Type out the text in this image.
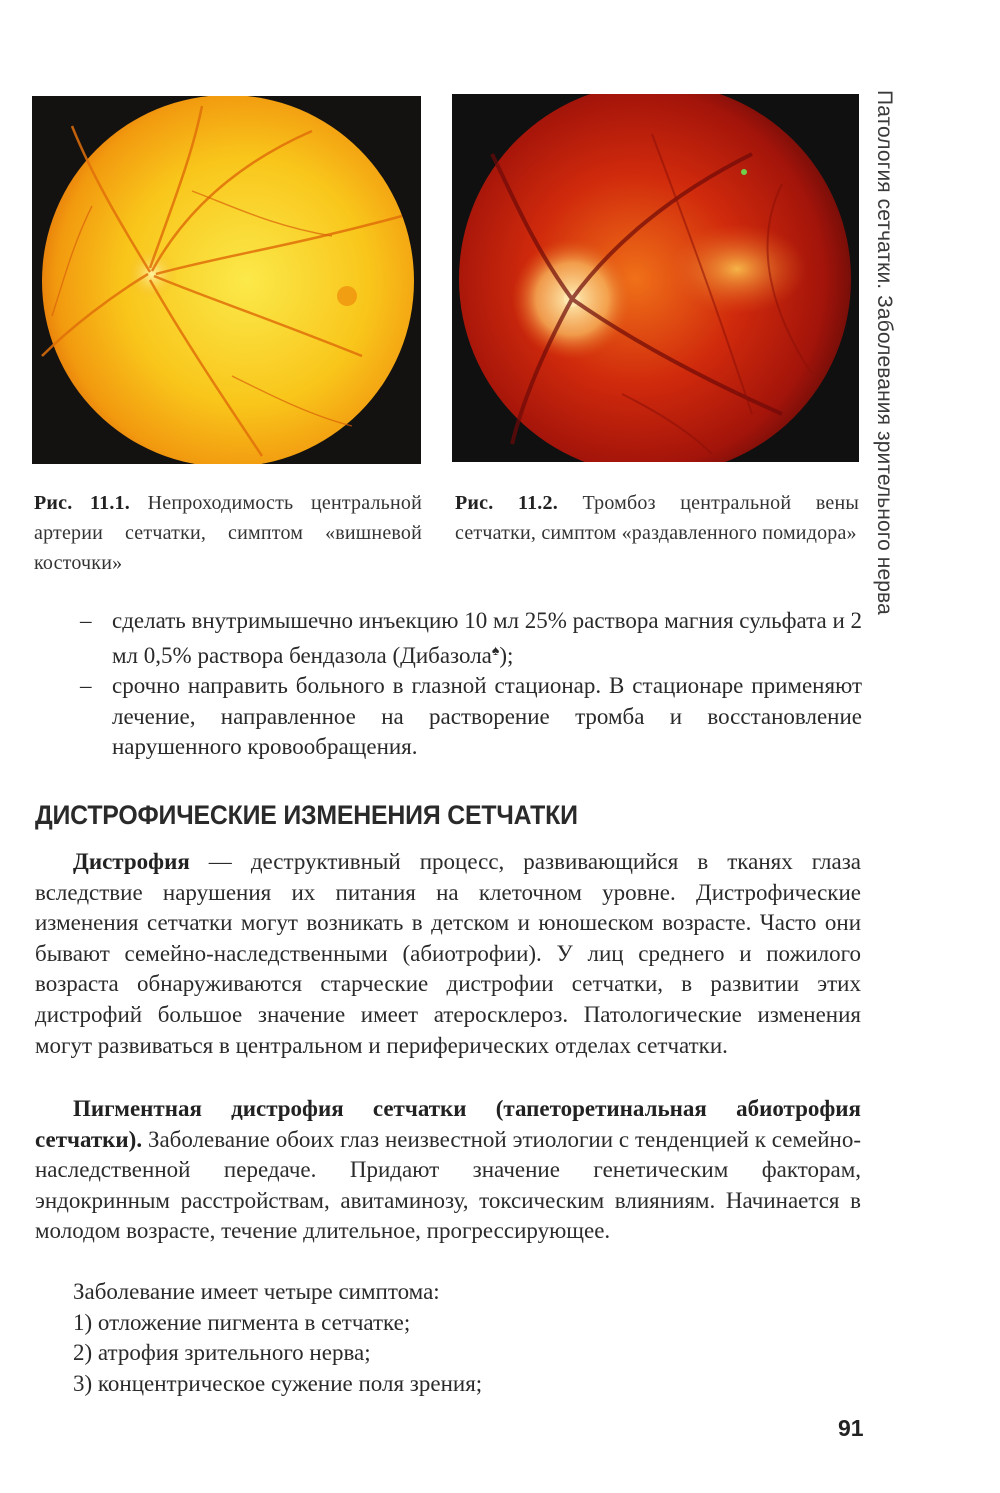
Рис. 11.1. Непроходимость центральной артерии сетчатки, симптом «вишневой косточки»
Рис. 11.2. Тромбоз центральной вены сетчатки, симптом «раздавленного помидора» Патология сетчатки. Заболевания зрительного нерва
– сделать внутримышечно инъекцию 10 мл 25% раствора магния сульфата и 2 мл 0,5% раствора бендазола (Дибазола♠);
– срочно направить больного в глазной стационар. В стационаре применяют лечение, направленное на растворение тромба и восстановление нарушенного кровообращения.
ДИСТРОФИЧЕСКИЕ ИЗМЕНЕНИЯ СЕТЧАТКИ

Дистрофия — деструктивный процесс, развивающийся в тканях глаза вследствие нарушения их питания на клеточном уровне. Дистрофические изменения сетчатки могут возникать в детском и юношеском возрасте. Часто они бывают семейно-наследственными (абиотрофии). У лиц среднего и пожилого возраста обнаруживаются старческие дистрофии сетчатки, в развитии этих дистрофий большое значение имеет атеросклероз. Патологические изменения могут развиваться в центральном и периферических отделах сетчатки.

Пигментная дистрофия сетчатки (тапеторетинальная абиотрофия сетчатки). Заболевание обоих глаз неизвестной этиологии с тенденцией к семейно-наследственной передаче. Придают значение генетическим факторам, эндокринным расстройствам, авитаминозу, токсическим влияниям. Начинается в молодом возрасте, течение длительное, прогрессирующее.

Заболевание имеет четыре симптома:

1) отложение пигмента в сетчатке;

2) атрофия зрительного нерва;

3) концентрическое сужение поля зрения;

91
